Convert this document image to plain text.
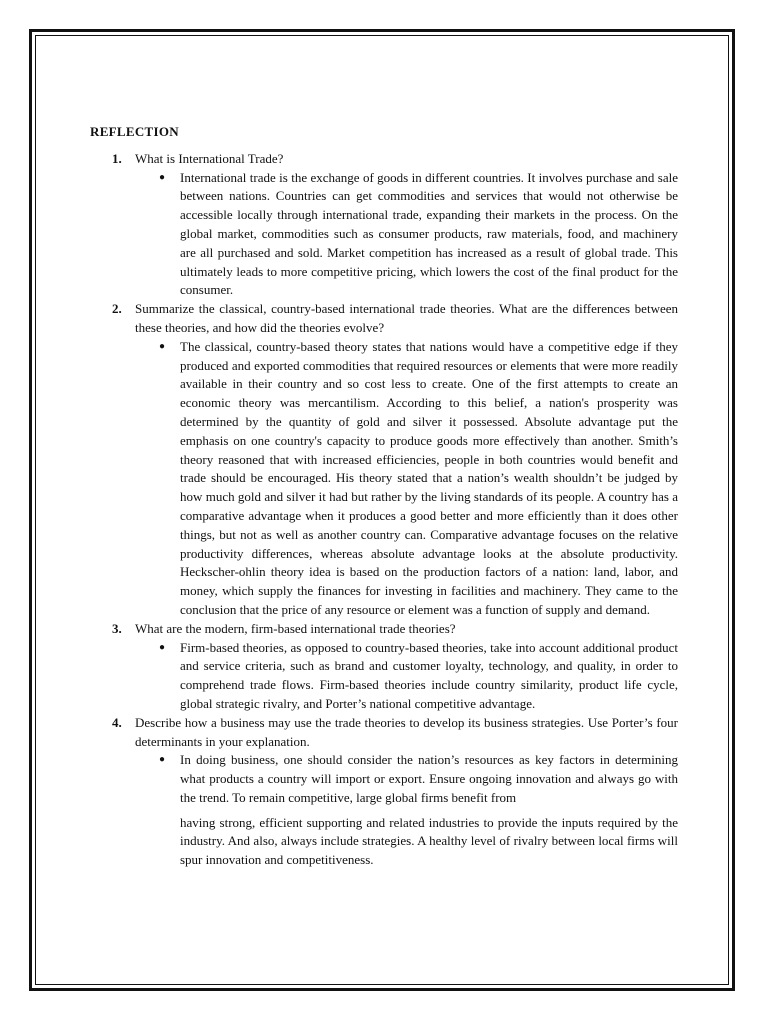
REFLECTION
1. What is International Trade?
● International trade is the exchange of goods in different countries. It involves purchase and sale between nations. Countries can get commodities and services that would not otherwise be accessible locally through international trade, expanding their markets in the process. On the global market, commodities such as consumer products, raw materials, food, and machinery are all purchased and sold. Market competition has increased as a result of global trade. This ultimately leads to more competitive pricing, which lowers the cost of the final product for the consumer.
2. Summarize the classical, country-based international trade theories. What are the differences between these theories, and how did the theories evolve?
● The classical, country-based theory states that nations would have a competitive edge if they produced and exported commodities that required resources or elements that were more readily available in their country and so cost less to create. One of the first attempts to create an economic theory was mercantilism. According to this belief, a nation's prosperity was determined by the quantity of gold and silver it possessed. Absolute advantage put the emphasis on one country's capacity to produce goods more effectively than another. Smith’s theory reasoned that with increased efficiencies, people in both countries would benefit and trade should be encouraged. His theory stated that a nation’s wealth shouldn’t be judged by how much gold and silver it had but rather by the living standards of its people. A country has a comparative advantage when it produces a good better and more efficiently than it does other things, but not as well as another country can. Comparative advantage focuses on the relative productivity differences, whereas absolute advantage looks at the absolute productivity. Heckscher-ohlin theory idea is based on the production factors of a nation: land, labor, and money, which supply the finances for investing in facilities and machinery. They came to the conclusion that the price of any resource or element was a function of supply and demand.
3. What are the modern, firm-based international trade theories?
● Firm-based theories, as opposed to country-based theories, take into account additional product and service criteria, such as brand and customer loyalty, technology, and quality, in order to comprehend trade flows. Firm-based theories include country similarity, product life cycle, global strategic rivalry, and Porter’s national competitive advantage.
4. Describe how a business may use the trade theories to develop its business strategies. Use Porter’s four determinants in your explanation.
● In doing business, one should consider the nation’s resources as key factors in determining what products a country will import or export. Ensure ongoing innovation and always go with the trend. To remain competitive, large global firms benefit from
having strong, efficient supporting and related industries to provide the inputs required by the industry. And also, always include strategies. A healthy level of rivalry between local firms will spur innovation and competitiveness.
